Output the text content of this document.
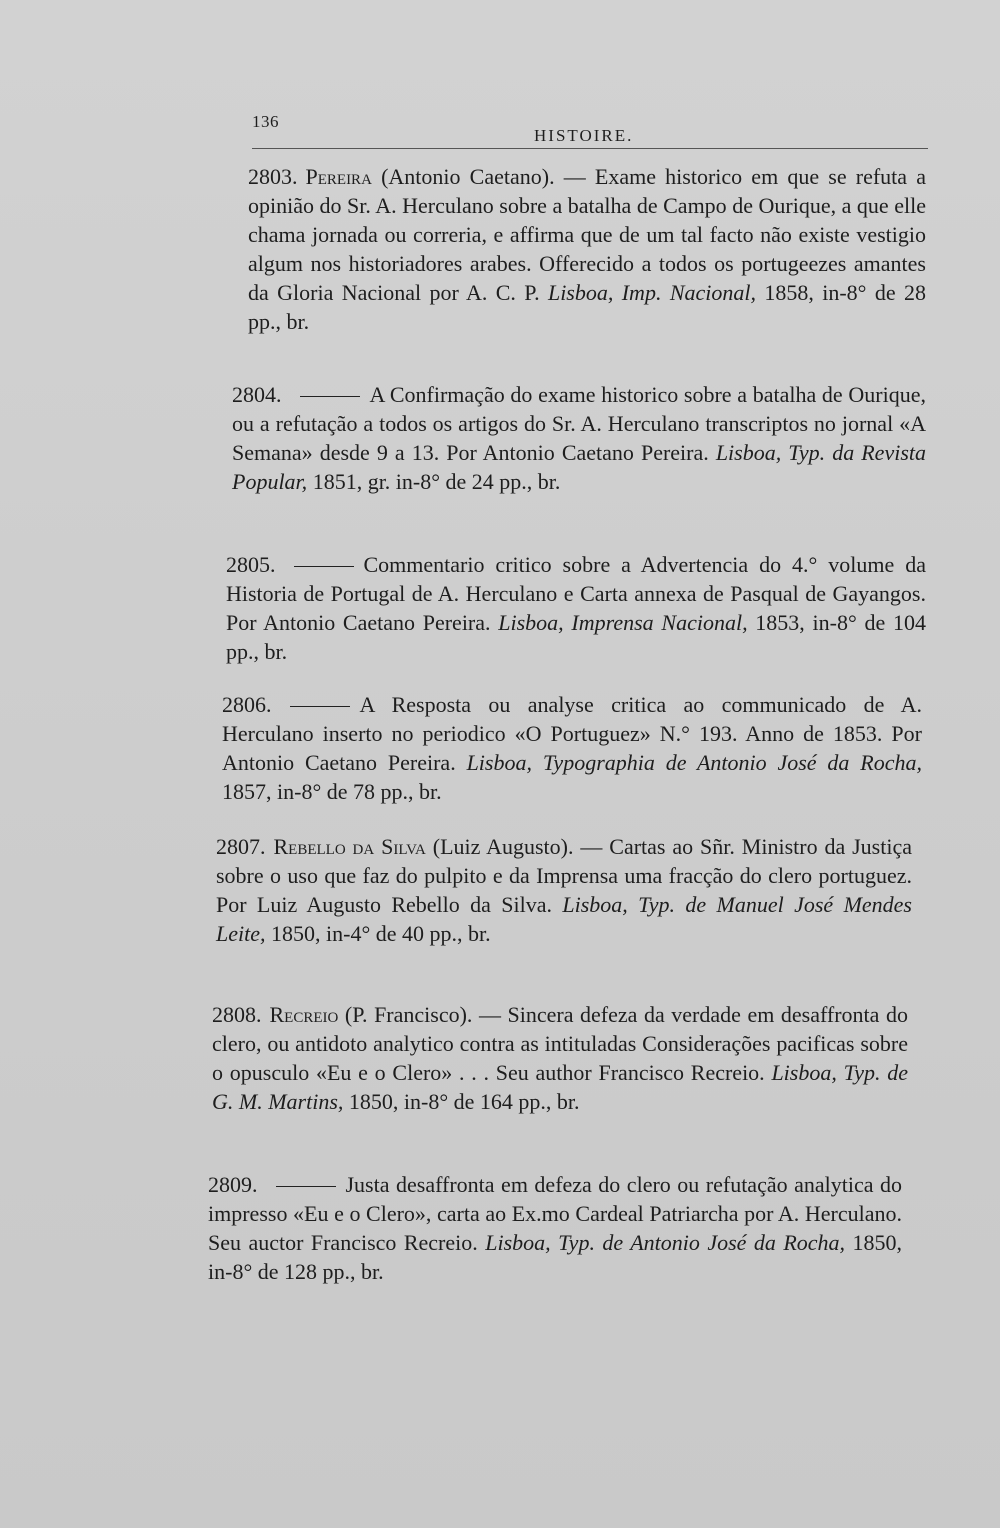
136
HISTOIRE.
2803. Pereira (Antonio Caetano). — Exame historico em que se refuta a opinião do Sr. A. Herculano sobre a batalha de Campo de Ourique, a que elle chama jornada ou correria, e affirma que de um tal facto não existe vestigio algum nos historiadores arabes. Offerecido a todos os portugeezes amantes da Gloria Nacional por A. C. P. Lisboa, Imp. Nacional, 1858, in-8° de 28 pp., br.
2804.	A Confirmação do exame historico sobre a batalha de Ourique, ou a refutação a todos os artigos do Sr. A. Herculano transcriptos no jornal «A Semana» desde 9 a 13. Por Antonio Caetano Pereira. Lisboa, Typ. da Revista Popular, 1851, gr. in-8° de 24 pp., br.
2805.	Commentario critico sobre a Advertencia do 4.° volume da Historia de Portugal de A. Herculano e Carta annexa de Pasqual de Gayangos. Por Antonio Caetano Pereira. Lisboa, Imprensa Nacional, 1853, in-8° de 104 pp., br.
2806.	A Resposta ou analyse critica ao communicado de A. Herculano inserto no periodico «O Portuguez» N.° 193. Anno de 1853. Por Antonio Caetano Pereira. Lisboa, Typographia de Antonio José da Rocha, 1857, in-8° de 78 pp., br.
2807. Rebello da Silva (Luiz Augusto). — Cartas ao Sñr. Ministro da Justiça sobre o uso que faz do pulpito e da Imprensa uma fracção do clero portuguez. Por Luiz Augusto Rebello da Silva. Lisboa, Typ. de Manuel José Mendes Leite, 1850, in-4° de 40 pp., br.
2808. Recreio (P. Francisco). — Sincera defeza da verdade em desaffronta do clero, ou antidoto analytico contra as intituladas Considerações pacificas sobre o opusculo «Eu e o Clero» . . . Seu author Francisco Recreio. Lisboa, Typ. de G. M. Martins, 1850, in-8° de 164 pp., br.
2809.	Justa desaffronta em defeza do clero ou refutação analytica do impresso «Eu e o Clero», carta ao Ex.mo Cardeal Patriarcha por A. Herculano. Seu auctor Francisco Recreio. Lisboa, Typ. de Antonio José da Rocha, 1850, in-8° de 128 pp., br.
